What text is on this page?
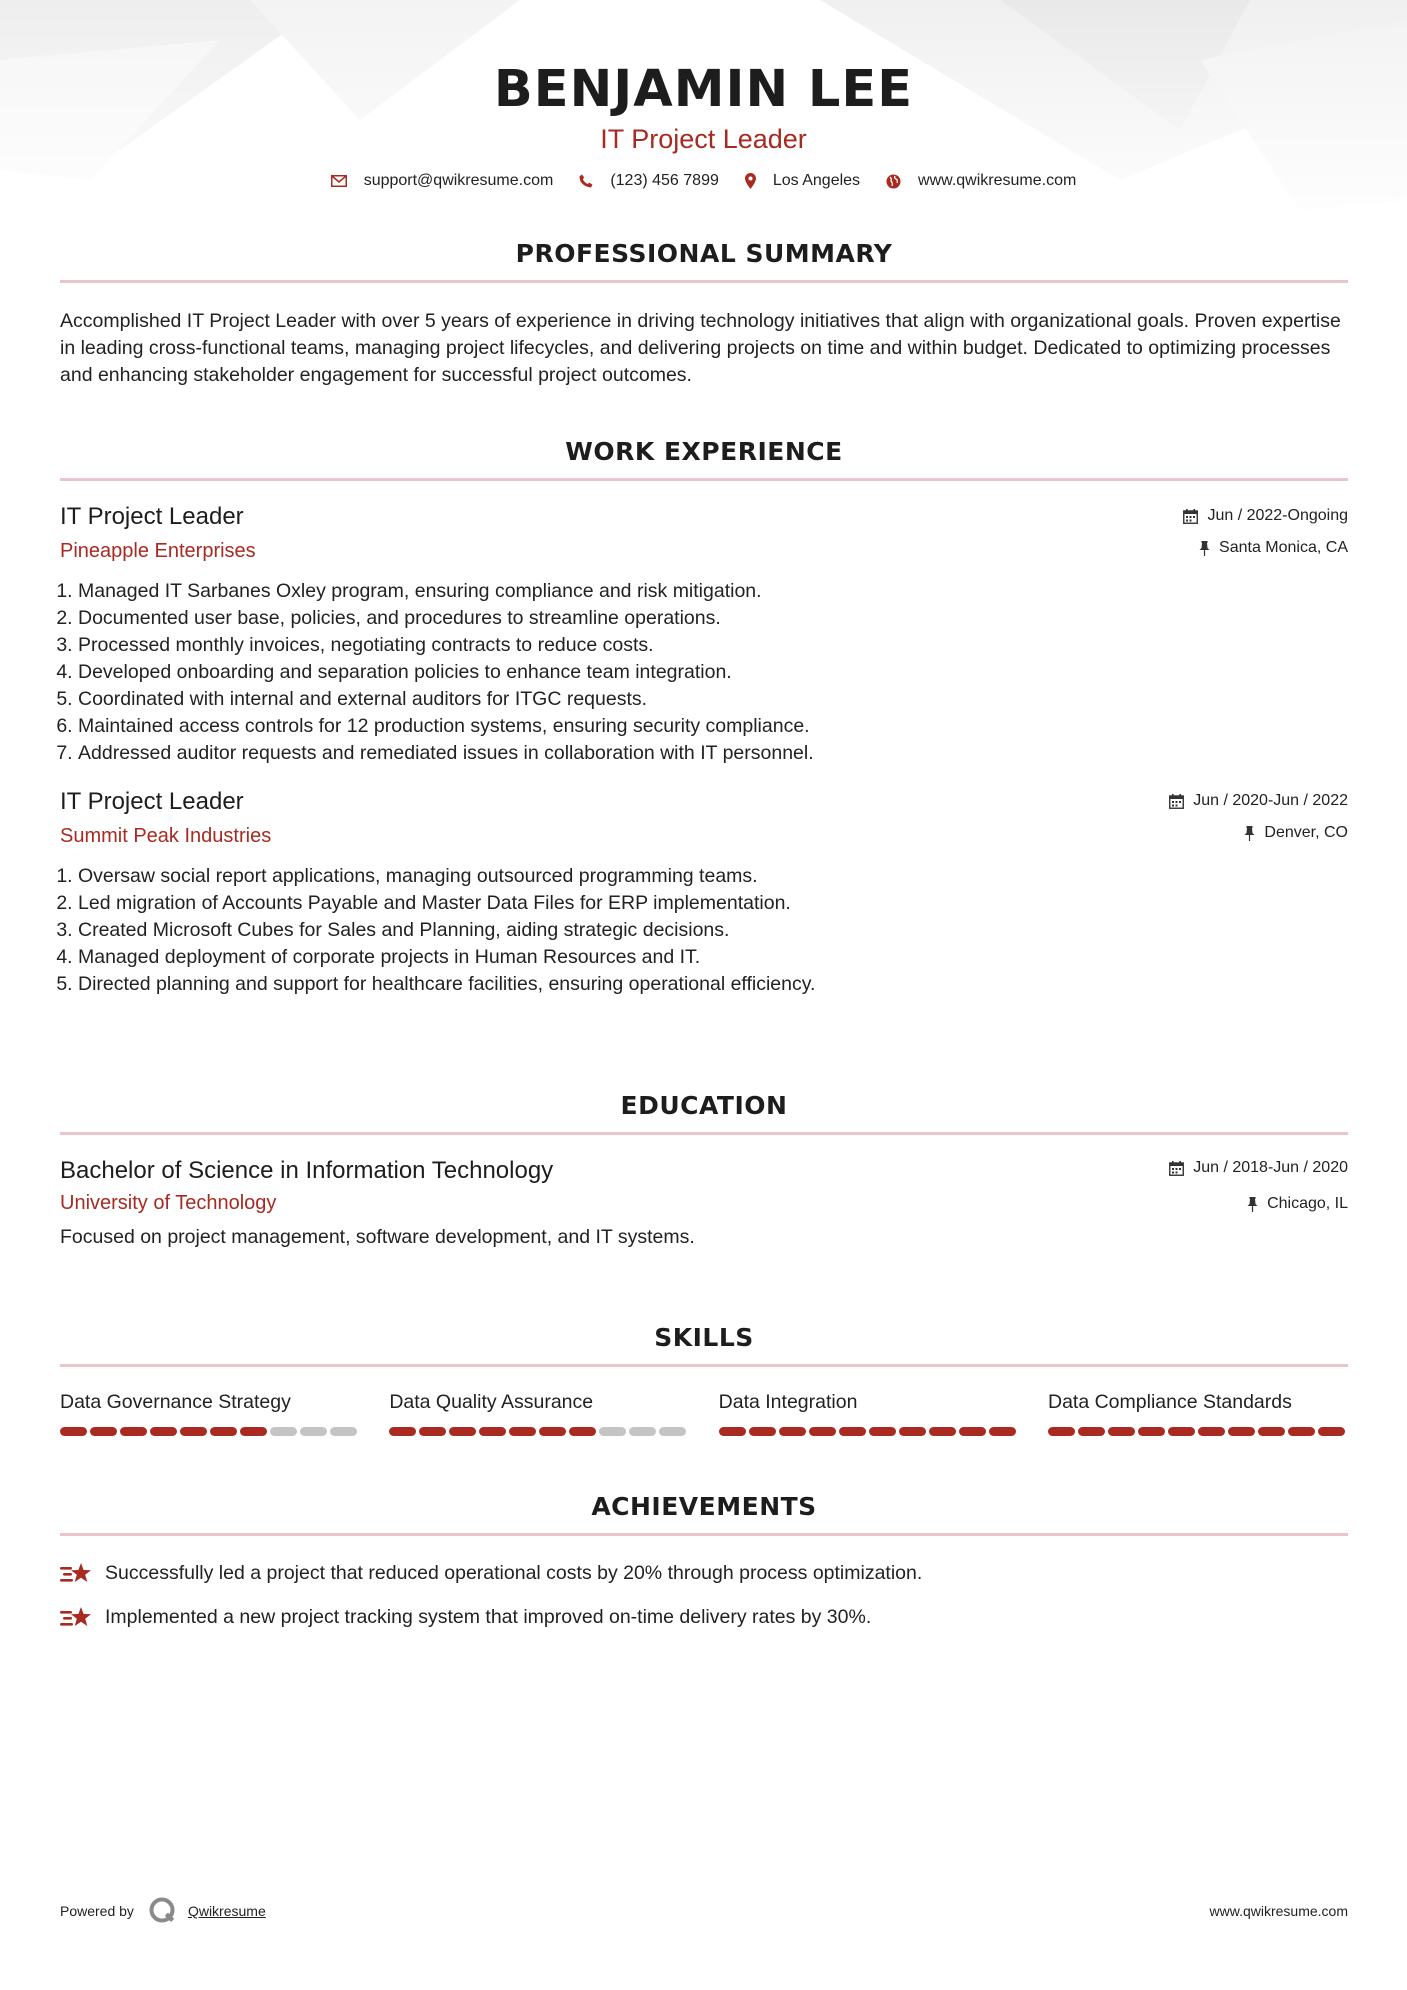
BENJAMIN LEE
IT Project Leader
support@qwikresume.com	(123) 456 7899	Los Angeles	www.qwikresume.com
PROFESSIONAL SUMMARY
Accomplished IT Project Leader with over 5 years of experience in driving technology initiatives that align with organizational goals. Proven expertise in leading cross-functional teams, managing project lifecycles, and delivering projects on time and within budget. Dedicated to optimizing processes and enhancing stakeholder engagement for successful project outcomes.
WORK EXPERIENCE
IT Project Leader
Pineapple Enterprises
Jun / 2022-Ongoing
Santa Monica, CA
1. Managed IT Sarbanes Oxley program, ensuring compliance and risk mitigation.
2. Documented user base, policies, and procedures to streamline operations.
3. Processed monthly invoices, negotiating contracts to reduce costs.
4. Developed onboarding and separation policies to enhance team integration.
5. Coordinated with internal and external auditors for ITGC requests.
6. Maintained access controls for 12 production systems, ensuring security compliance.
7. Addressed auditor requests and remediated issues in collaboration with IT personnel.
IT Project Leader
Summit Peak Industries
Jun / 2020-Jun / 2022
Denver, CO
1. Oversaw social report applications, managing outsourced programming teams.
2. Led migration of Accounts Payable and Master Data Files for ERP implementation.
3. Created Microsoft Cubes for Sales and Planning, aiding strategic decisions.
4. Managed deployment of corporate projects in Human Resources and IT.
5. Directed planning and support for healthcare facilities, ensuring operational efficiency.
EDUCATION
Bachelor of Science in Information Technology
University of Technology
Jun / 2018-Jun / 2020
Chicago, IL
Focused on project management, software development, and IT systems.
SKILLS
Data Governance Strategy	Data Quality Assurance	Data Integration	Data Compliance Standards
ACHIEVEMENTS
Successfully led a project that reduced operational costs by 20% through process optimization.
Implemented a new project tracking system that improved on-time delivery rates by 30%.
Powered by	Qwikresume	www.qwikresume.com
